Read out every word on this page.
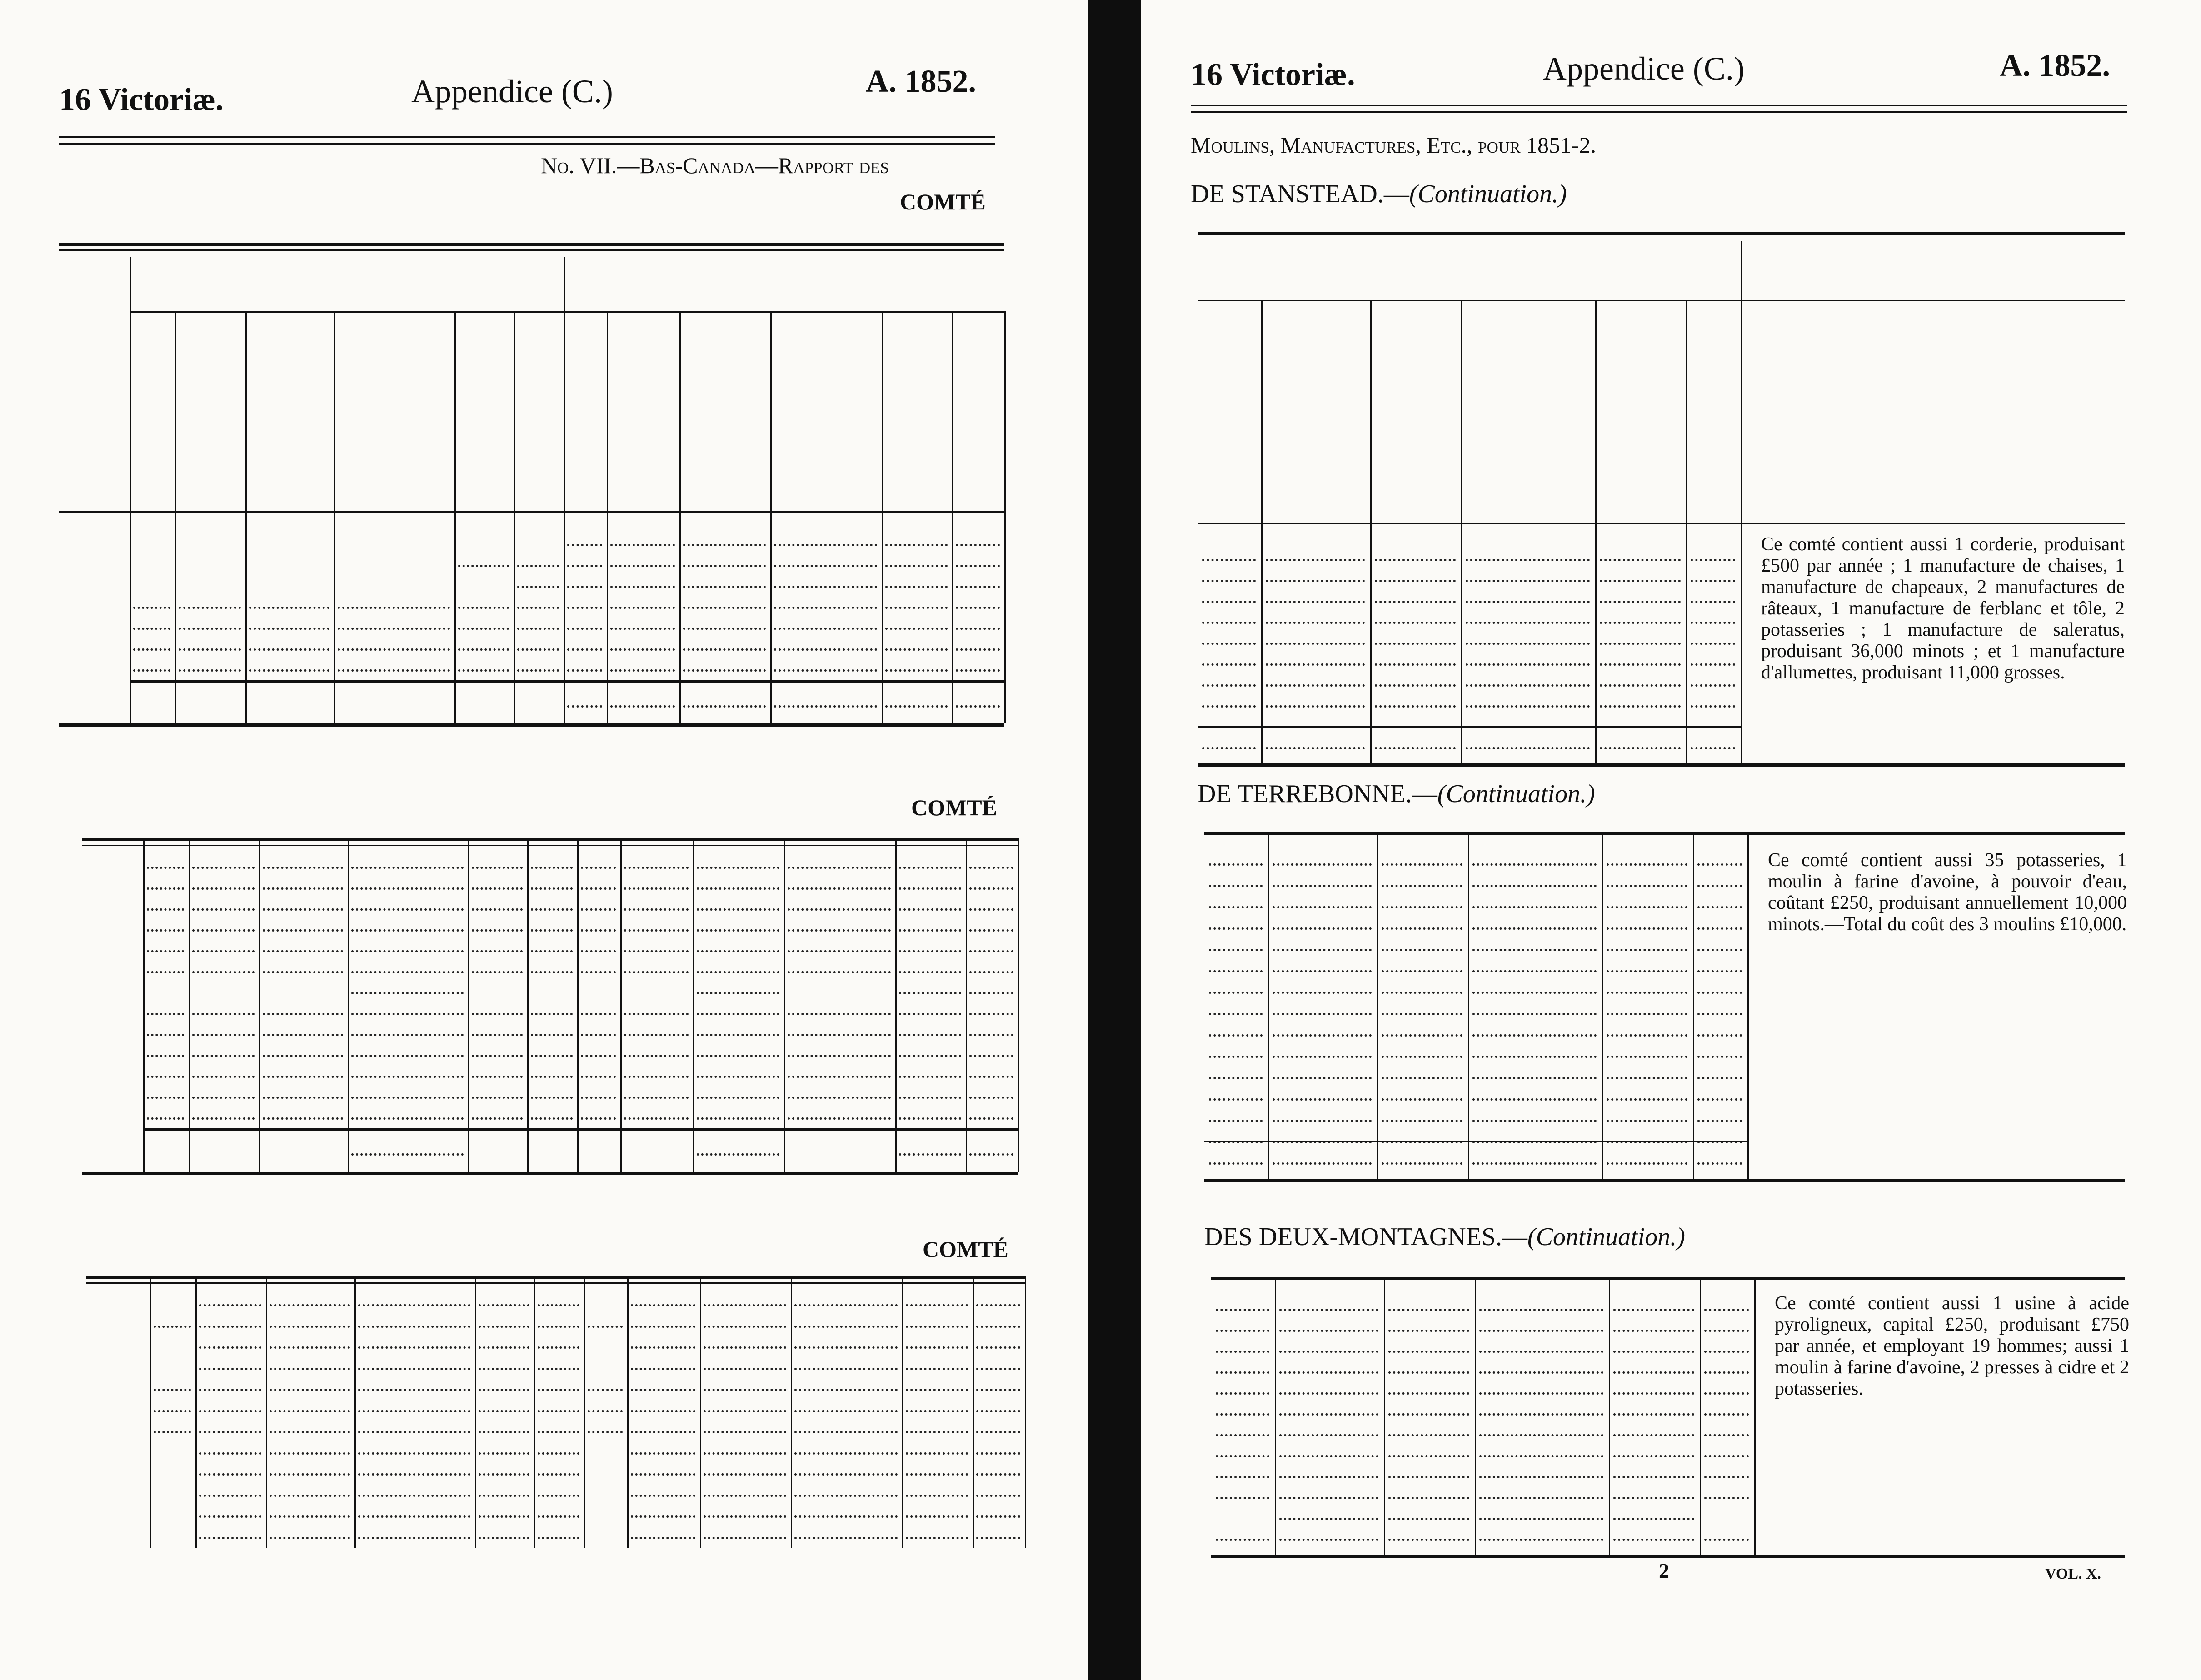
16 Victoriæ.	Appendice (C.)	A. 1852.
No. VII.—Bas-Canada—Rapport des
COMTÉ
COMTÉ
COMTÉ
16 Victoriæ.	Appendice (C.)	A. 1852.
Moulins, Manufactures, Etc., pour 1851-2.
DE STANSTEAD.—(Continuation.)
Ce comté contient aussi 1 corderie, produisant £500 par année ; 1 manufacture de chaises, 1 manufacture de chapeaux, 2 manufactures de râteaux, 1 manufacture de ferblanc et tôle, 2 potasseries ; 1 manufacture de saleratus, produisant 36,000 minots ; et 1 manufacture d'allumettes, produisant 11,000 grosses.
DE TERREBONNE.—(Continuation.)
Ce comté contient aussi 35 potasseries, 1 moulin à farine d'avoine, à pouvoir d'eau, coûtant £250, produisant annuellement 10,000 minots.—Total du coût des 3 moulins £10,000.
DES DEUX-MONTAGNES.—(Continuation.)
Ce comté contient aussi 1 usine à acide pyroligneux, capital £250, produisant £750 par année, et employant 19 hommes; aussi 1 moulin à farine d'avoine, 2 presses à cidre et 2 potasseries.
2	VOL. X.
